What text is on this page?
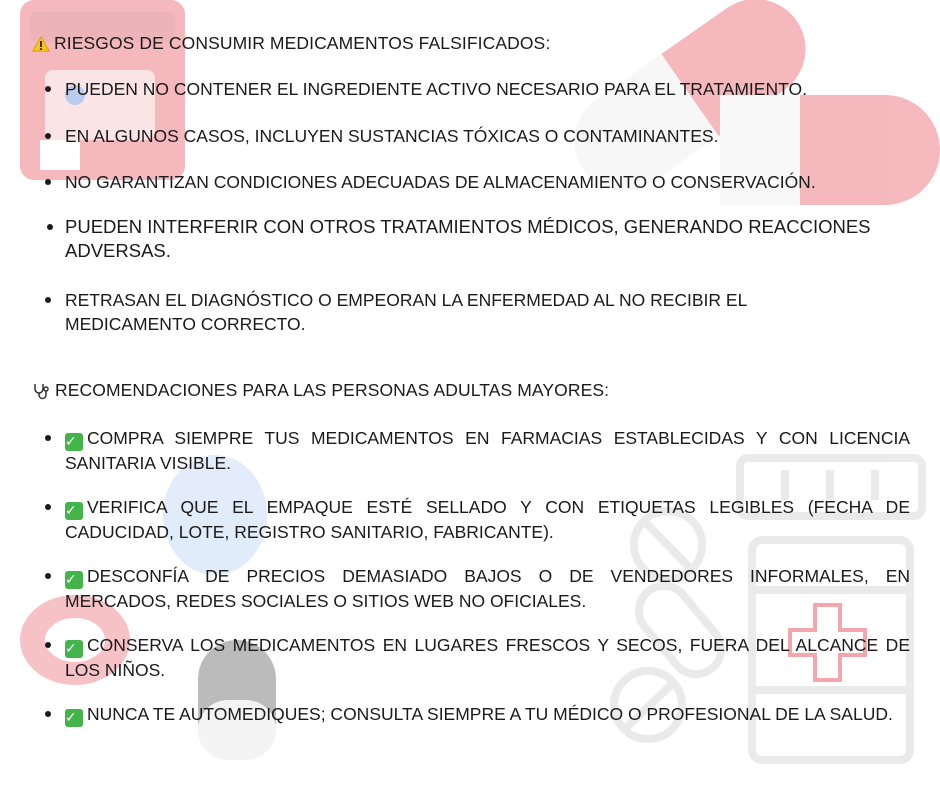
RIESGOS DE CONSUMIR MEDICAMENTOS FALSIFICADOS:
PUEDEN NO CONTENER EL INGREDIENTE ACTIVO NECESARIO PARA EL TRATAMIENTO.
EN ALGUNOS CASOS, INCLUYEN SUSTANCIAS TÓXICAS O CONTAMINANTES.
NO GARANTIZAN CONDICIONES ADECUADAS DE ALMACENAMIENTO O CONSERVACIÓN.
PUEDEN INTERFERIR CON OTROS TRATAMIENTOS MÉDICOS, GENERANDO REACCIONES ADVERSAS.
RETRASAN EL DIAGNÓSTICO O EMPEORAN LA ENFERMEDAD AL NO RECIBIR EL MEDICAMENTO CORRECTO.
RECOMENDACIONES PARA LAS PERSONAS ADULTAS MAYORES:
✓ COMPRA SIEMPRE TUS MEDICAMENTOS EN FARMACIAS ESTABLECIDAS Y CON LICENCIA SANITARIA VISIBLE.
✓ VERIFICA QUE EL EMPAQUE ESTÉ SELLADO Y CON ETIQUETAS LEGIBLES (FECHA DE CADUCIDAD, LOTE, REGISTRO SANITARIO, FABRICANTE).
✓ DESCONFÍA DE PRECIOS DEMASIADO BAJOS O DE VENDEDORES INFORMALES, EN MERCADOS, REDES SOCIALES O SITIOS WEB NO OFICIALES.
✓ CONSERVA LOS MEDICAMENTOS EN LUGARES FRESCOS Y SECOS, FUERA DEL ALCANCE DE LOS NIÑOS.
✓ NUNCA TE AUTOMEDIQUES; CONSULTA SIEMPRE A TU MÉDICO O PROFESIONAL DE LA SALUD.
